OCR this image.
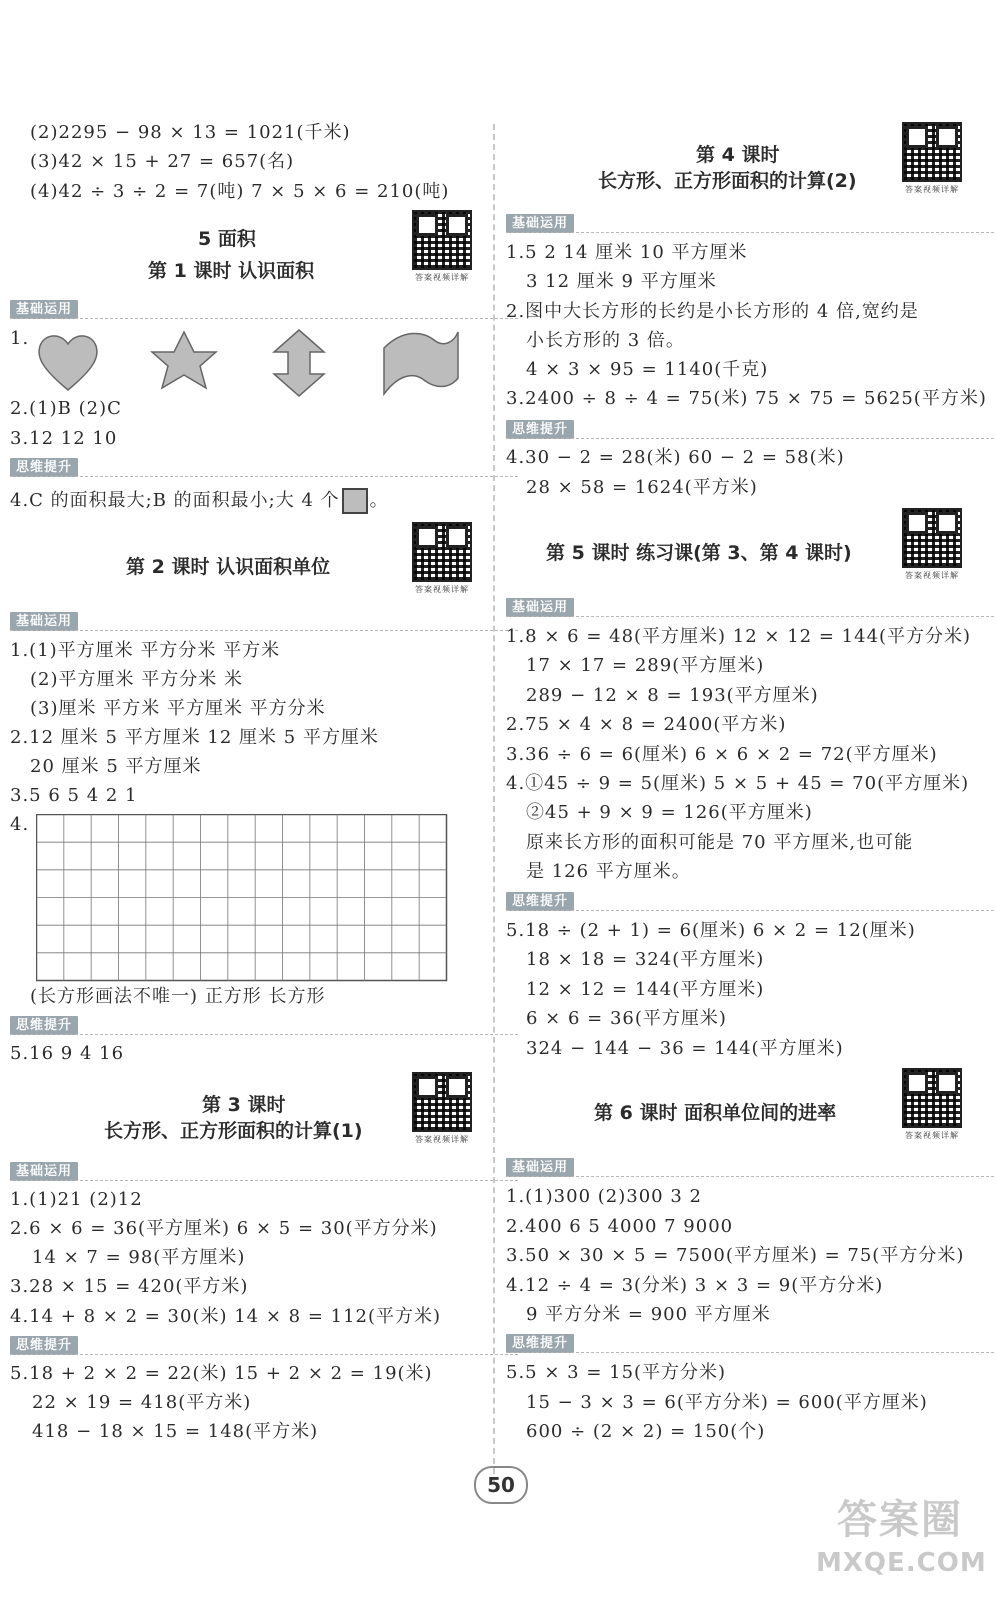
(2)2295 − 98 × 13 = 1021(千米)
(3)42 × 15 + 27 = 657(名)
(4)42 ÷ 3 ÷ 2 = 7(吨) 7 × 5 × 6 = 210(吨)
5 面积
第 1 课时 认识面积	答案视频详解
基础运用
1.
2.(1)B (2)C
3.12 12 10
思维提升
4.C 的面积最大;B 的面积最小;大 4 个 。
第 2 课时 认识面积单位
答案视频详解
基础运用
1.(1)平方厘米 平方分米 平方米
(2)平方厘米 平方分米 米
(3)厘米 平方米 平方厘米 平方分米
2.12 厘米 5 平方厘米 12 厘米 5 平方厘米
20 厘米 5 平方厘米
3.5 6 5 4 2 1
4.
(长方形画法不唯一) 正方形 长方形
思维提升
5.16 9 4 16
第 3 课时
长方形、正方形面积的计算(1)	答案视频详解
基础运用
1.(1)21 (2)12
2.6 × 6 = 36(平方厘米) 6 × 5 = 30(平方分米)
14 × 7 = 98(平方厘米)
3.28 × 15 = 420(平方米)
4.14 + 8 × 2 = 30(米) 14 × 8 = 112(平方米)
思维提升
5.18 + 2 × 2 = 22(米) 15 + 2 × 2 = 19(米)
22 × 19 = 418(平方米)
418 − 18 × 15 = 148(平方米)
第 4 课时
长方形、正方形面积的计算(2)	答案视频详解
基础运用
1.5 2 14 厘米 10 平方厘米
3 12 厘米 9 平方厘米
2.图中大长方形的长约是小长方形的 4 倍,宽约是
小长方形的 3 倍。
4 × 3 × 95 = 1140(千克)
3.2400 ÷ 8 ÷ 4 = 75(米) 75 × 75 = 5625(平方米)
思维提升
4.30 − 2 = 28(米) 60 − 2 = 58(米)
28 × 58 = 1624(平方米)
第 5 课时 练习课(第 3、第 4 课时)
答案视频详解
基础运用
1.8 × 6 = 48(平方厘米) 12 × 12 = 144(平方分米)
17 × 17 = 289(平方厘米)
289 − 12 × 8 = 193(平方厘米)
2.75 × 4 × 8 = 2400(平方米)
3.36 ÷ 6 = 6(厘米) 6 × 6 × 2 = 72(平方厘米)
4.①45 ÷ 9 = 5(厘米) 5 × 5 + 45 = 70(平方厘米)
②45 + 9 × 9 = 126(平方厘米)
原来长方形的面积可能是 70 平方厘米,也可能
是 126 平方厘米。
思维提升
5.18 ÷ (2 + 1) = 6(厘米) 6 × 2 = 12(厘米)
18 × 18 = 324(平方厘米)
12 × 12 = 144(平方厘米)
6 × 6 = 36(平方厘米)
324 − 144 − 36 = 144(平方厘米)
第 6 课时 面积单位间的进率
答案视频详解
基础运用
1.(1)300 (2)300 3 2
2.400 6 5 4000 7 9000
3.50 × 30 × 5 = 7500(平方厘米) = 75(平方分米)
4.12 ÷ 4 = 3(分米) 3 × 3 = 9(平方分米)
9 平方分米 = 900 平方厘米
思维提升
5.5 × 3 = 15(平方分米)
15 − 3 × 3 = 6(平方分米) = 600(平方厘米)
600 ÷ (2 × 2) = 150(个)
50
答案圈
MXQE.COM
